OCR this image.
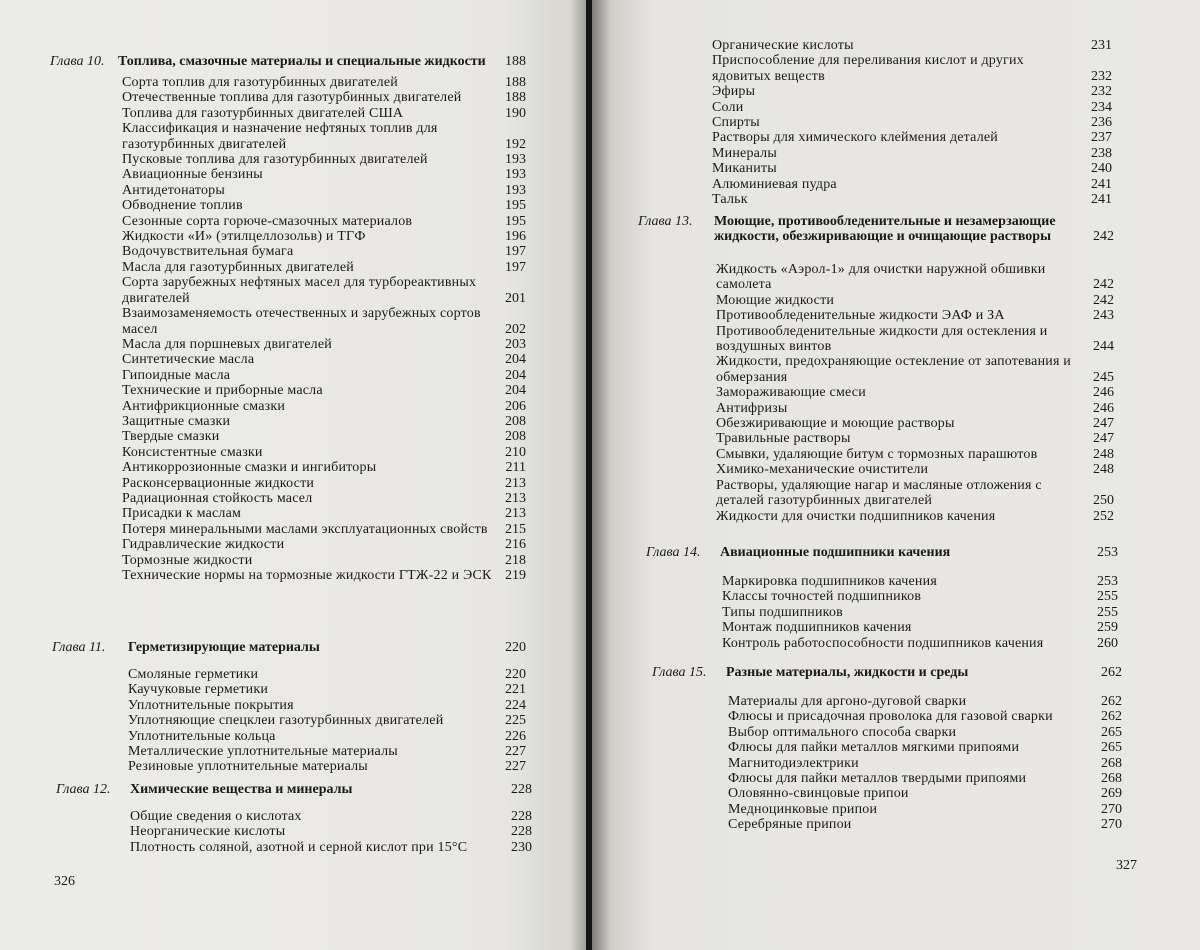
Глава 10. Топлива, смазочные материалы и специальные жидкости	188
Сорта топлив для газотурбинных двигателей	188
Отечественные топлива для газотурбинных двигателей	188
Топлива для газотурбинных двигателей США	190
Классификация и назначение нефтяных топлив для газотурбинных двигателей	192
Пусковые топлива для газотурбинных двигателей	193
Авиационные бензины	193
Антидетонаторы	193
Обводнение топлив	195
Сезонные сорта горюче-смазочных материалов	195
Жидкости «И» (этилцеллозольв) и ТГФ	196
Водочувствительная бумага	197
Масла для газотурбинных двигателей	197
Сорта зарубежных нефтяных масел для турбореактивных двигателей	201
Взаимозаменяемость отечественных и зарубежных сортов масел	202
Масла для поршневых двигателей	203
Синтетические масла	204
Гипоидные масла	204
Технические и приборные масла	204
Антифрикционные смазки	206
Защитные смазки	208
Твердые смазки	208
Консистентные смазки	210
Антикоррозионные смазки и ингибиторы	211
Расконсервационные жидкости	213
Радиационная стойкость масел	213
Присадки к маслам	213
Потеря минеральными маслами эксплуатационных свойств	215
Гидравлические жидкости	216
Тормозные жидкости	218
Технические нормы на тормозные жидкости ГТЖ-22 и ЭСК 219
Глава 11.	Герметизирующие материалы	220
Смоляные герметики	220
Каучуковые герметики	221
Уплотнительные покрытия	224
Уплотняющие спецклеи газотурбинных двигателей	225
Уплотнительные кольца	226
Металлические уплотнительные материалы	227
Резиновые уплотнительные материалы	227
Глава 12.	Химические вещества и минералы	228
Общие сведения о кислотах	228
Неорганические кислоты	228
Плотность соляной, азотной и серной кислот при 15°С	230
326
Органические кислоты	231
Приспособление для переливания кислот и других ядовитых веществ	232
Эфиры	232
Соли	234
Спирты	236
Растворы для химического клеймения деталей	237
Минералы	238
Миканиты	240
Алюминиевая пудра	241
Тальк	241
Глава 13.	Моющие, противообледенительные и незамерзающие жидкости, обезжиривающие и очищающие растворы	242
Жидкость «Аэрол-1» для очистки наружной обшивки самолета	242
Моющие жидкости	242
Противообледенительные жидкости ЭАФ и ЗА	243
Противообледенительные жидкости для остекления и воздушных винтов	244
Жидкости, предохраняющие остекление от запотевания и обмерзания	245
Замораживающие смеси	246
Антифризы	246
Обезжиривающие и моющие растворы	247
Травильные растворы	247
Смывки, удаляющие битум с тормозных парашютов	248
Химико-механические очистители	248
Растворы, удаляющие нагар и масляные отложения с деталей газотурбинных двигателей	250
Жидкости для очистки подшипников качения	252
Глава 14.	Авиационные подшипники качения	253
Маркировка подшипников качения	253
Классы точностей подшипников	255
Типы подшипников	255
Монтаж подшипников качения	259
Контроль работоспособности подшипников качения	260
Глава 15.	Разные материалы, жидкости и среды	262
Материалы для аргоно-дуговой сварки	262
Флюсы и присадочная проволока для газовой сварки	262
Выбор оптимального способа сварки	265
Флюсы для пайки металлов мягкими припоями	265
Магнитодиэлектрики	268
Флюсы для пайки металлов твердыми припоями	268
Оловянно-свинцовые припои	269
Медноцинковые припои	270
Серебряные припои	270
327
